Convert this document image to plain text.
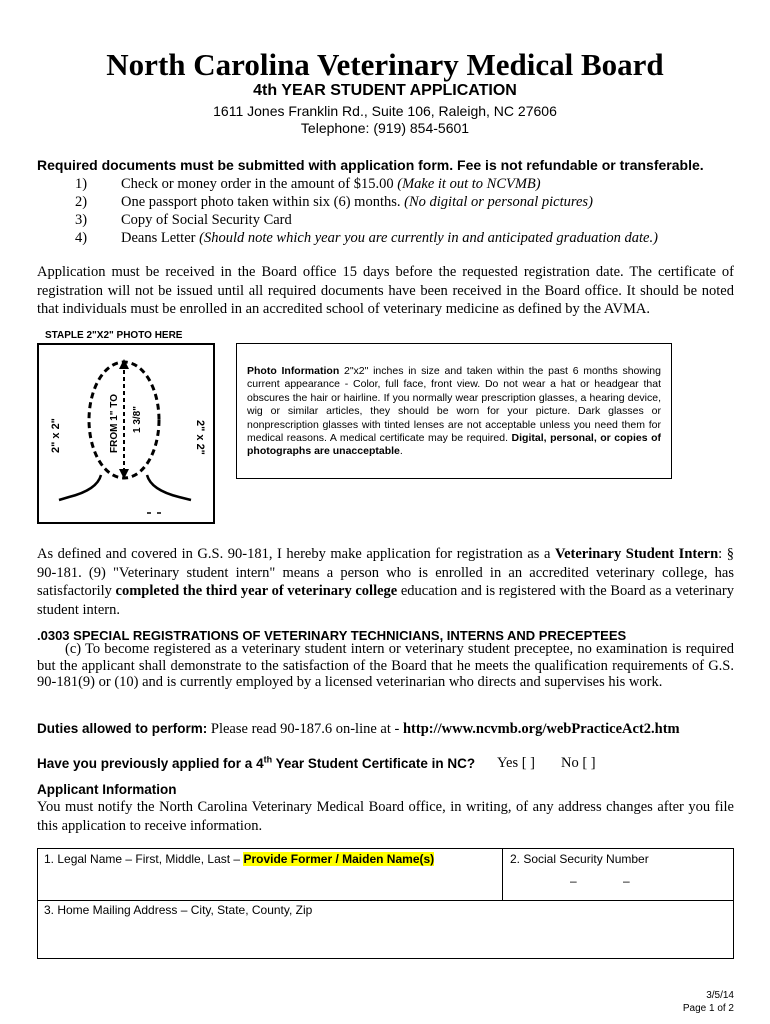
North Carolina Veterinary Medical Board
4th YEAR STUDENT APPLICATION
1611 Jones Franklin Rd., Suite 106, Raleigh, NC 27606
Telephone: (919) 854-5601
Required documents must be submitted with application form. Fee is not refundable or transferable.
1) Check or money order in the amount of $15.00 (Make it out to NCVMB)
2) One passport photo taken within six (6) months. (No digital or personal pictures)
3) Copy of Social Security Card
4) Deans Letter (Should note which year you are currently in and anticipated graduation date.)
Application must be received in the Board office 15 days before the requested registration date. The certificate of registration will not be issued until all required documents have been received in the Board office. It should be noted that individuals must be enrolled in an accredited school of veterinary medicine as defined by the AVMA.
STAPLE 2"X2" PHOTO HERE
2" x 2"	2" x 2"
FROM 1" TO 1 3/8"
Photo Information 2"x2" inches in size and taken within the past 6 months showing current appearance - Color, full face, front view. Do not wear a hat or headgear that obscures the hair or hairline. If you normally wear prescription glasses, a hearing device, wig or similar articles, they should be worn for your picture. Dark glasses or nonprescription glasses with tinted lenses are not acceptable unless you need them for medical reasons. A medical certificate may be required. Digital, personal, or copies of photographs are unacceptable.
As defined and covered in G.S. 90-181, I hereby make application for registration as a Veterinary Student Intern: § 90-181. (9) "Veterinary student intern" means a person who is enrolled in an accredited veterinary college, has satisfactorily completed the third year of veterinary college education and is registered with the Board as a veterinary student intern.
.0303 SPECIAL REGISTRATIONS OF VETERINARY TECHNICIANS, INTERNS AND PRECEPTEES
(c) To become registered as a veterinary student intern or veterinary student preceptee, no examination is required but the applicant shall demonstrate to the satisfaction of the Board that he meets the qualification requirements of G.S. 90-181(9) or (10) and is currently employed by a licensed veterinarian who directs and supervises his work.
Duties allowed to perform: Please read 90-187.6 on-line at - http://www.ncvmb.org/webPracticeAct2.htm
Have you previously applied for a 4th Year Student Certificate in NC? Yes [ ] No [ ]
Applicant Information
You must notify the North Carolina Veterinary Medical Board office, in writing, of any address changes after you file this application to receive information.
1. Legal Name – First, Middle, Last – Provide Former / Maiden Name(s)	2. Social Security Number
–	–
3. Home Mailing Address – City, State, County, Zip
3/5/14
Page 1 of 2
